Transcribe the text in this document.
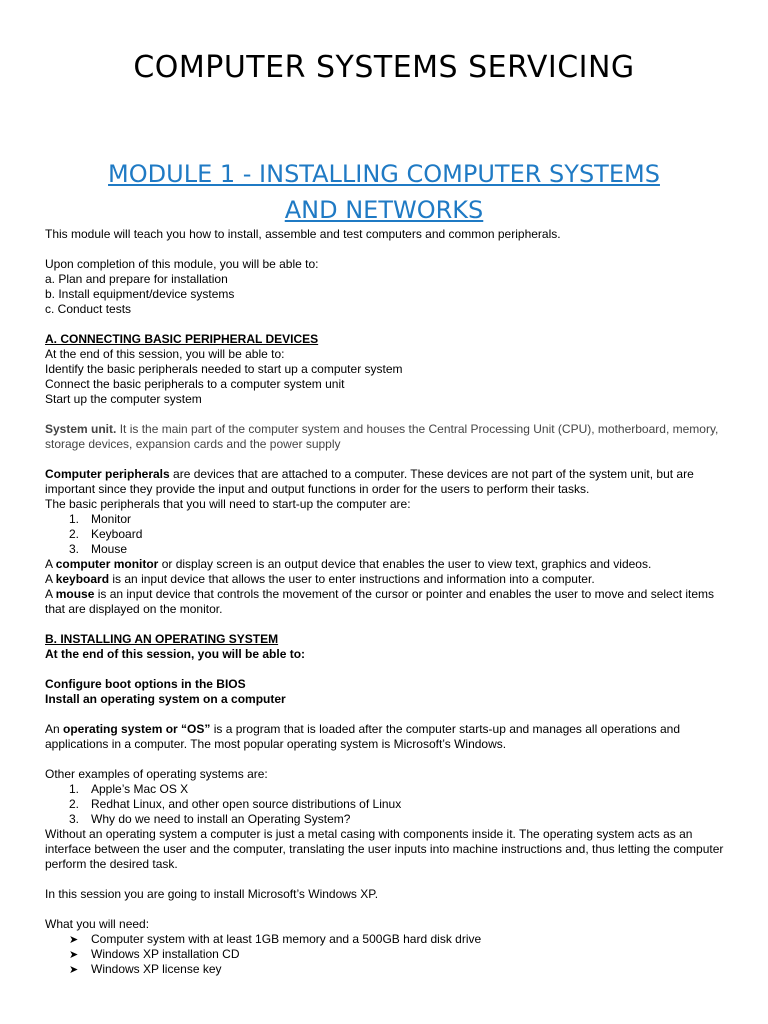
COMPUTER SYSTEMS SERVICING
MODULE 1 - INSTALLING COMPUTER SYSTEMS
AND NETWORKS
This module will teach you how to install, assemble and test computers and common peripherals.
Upon completion of this module, you will be able to:
a. Plan and prepare for installation
b. Install equipment/device systems
c. Conduct tests
A. CONNECTING BASIC PERIPHERAL DEVICES
At the end of this session, you will be able to:
Identify the basic peripherals needed to start up a computer system
Connect the basic peripherals to a computer system unit
Start up the computer system
System unit. It is the main part of the computer system and houses the Central Processing Unit (CPU), motherboard, memory, storage devices, expansion cards and the power supply
Computer peripherals are devices that are attached to a computer. These devices are not part of the system unit, but are important since they provide the input and output functions in order for the users to perform their tasks.
The basic peripherals that you will need to start-up the computer are:
1. Monitor
2. Keyboard
3. Mouse
A computer monitor or display screen is an output device that enables the user to view text, graphics and videos.
A keyboard is an input device that allows the user to enter instructions and information into a computer.
A mouse is an input device that controls the movement of the cursor or pointer and enables the user to move and select items that are displayed on the monitor.
B. INSTALLING AN OPERATING SYSTEM
At the end of this session, you will be able to:
Configure boot options in the BIOS
Install an operating system on a computer
An operating system or “OS” is a program that is loaded after the computer starts-up and manages all operations and applications in a computer. The most popular operating system is Microsoft’s Windows.
Other examples of operating systems are:
1. Apple’s Mac OS X
2. Redhat Linux, and other open source distributions of Linux
3. Why do we need to install an Operating System?
Without an operating system a computer is just a metal casing with components inside it. The operating system acts as an interface between the user and the computer, translating the user inputs into machine instructions and, thus letting the computer perform the desired task.
In this session you are going to install Microsoft’s Windows XP.
What you will need:
➤ Computer system with at least 1GB memory and a 500GB hard disk drive
➤ Windows XP installation CD
➤ Windows XP license key
